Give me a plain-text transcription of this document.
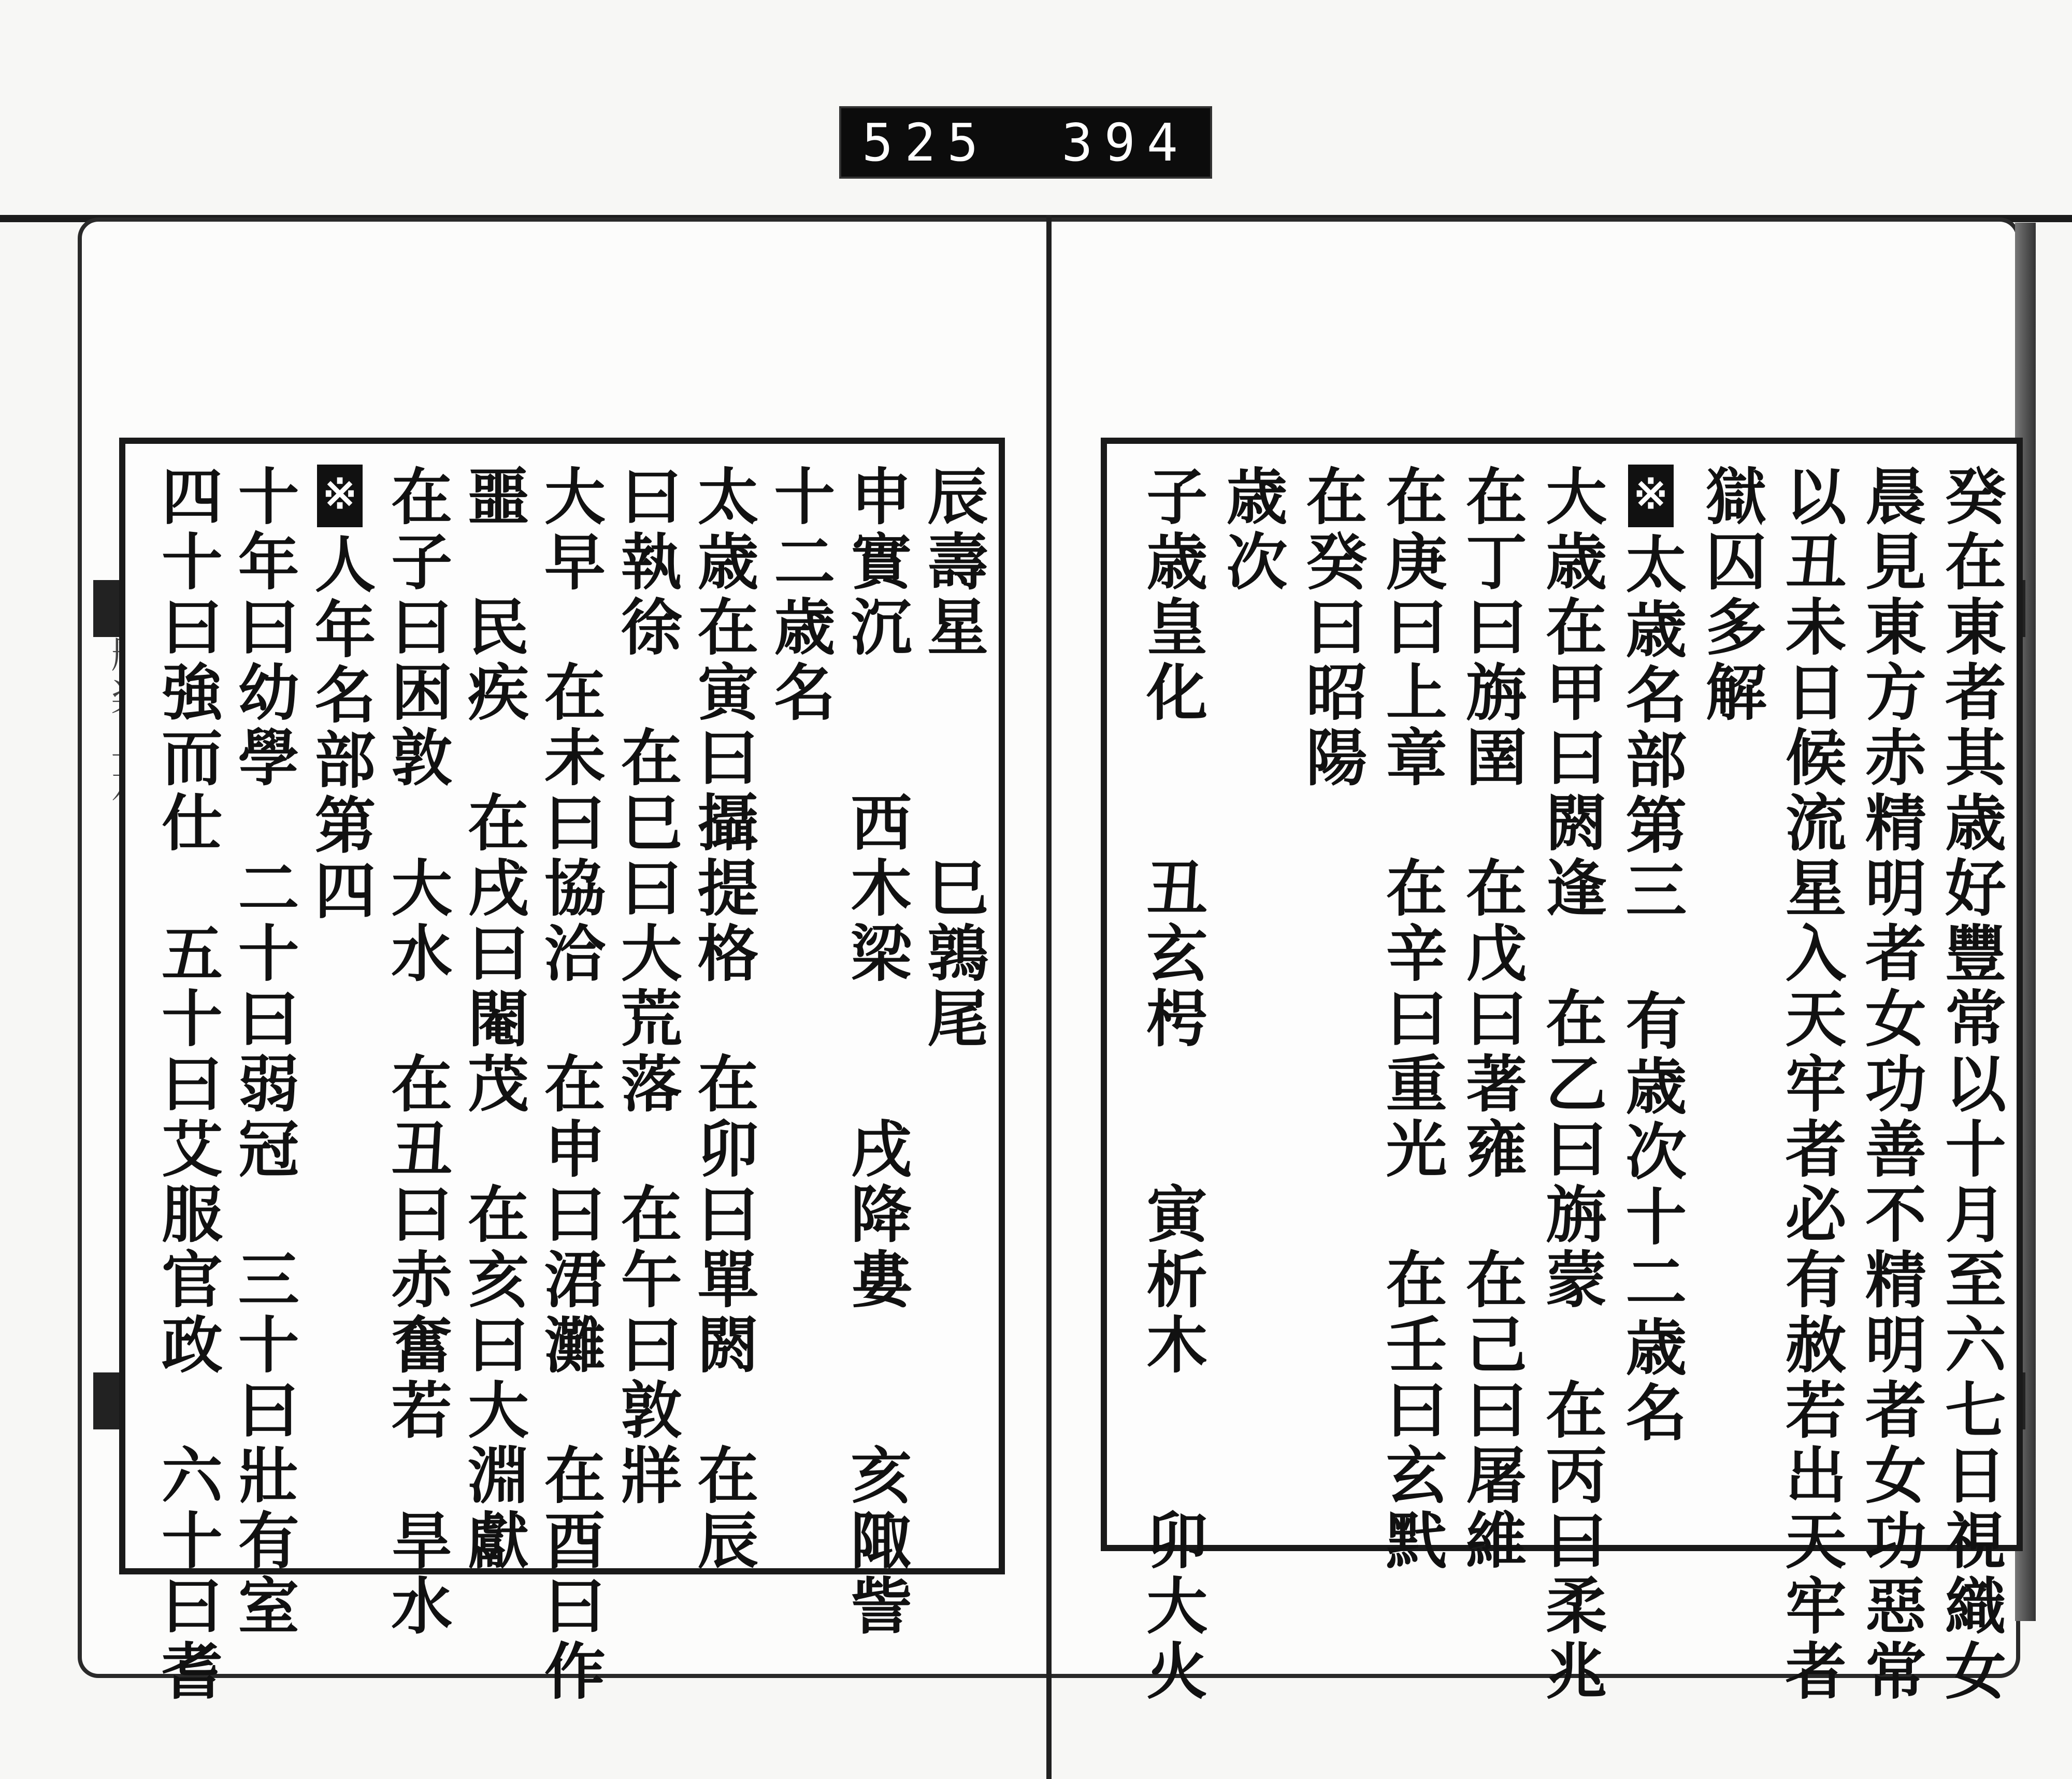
525 394
辰壽星　　　巳鶉尾
申實沉　　西木梁　　戌降婁　　亥陬訾
十二歳名
太歳在寅曰攝提格　在卯曰單閼　在辰
曰執徐　在巳曰大荒落　在午曰敦牂
大早　在未曰協洽　在申曰涒灘　在酉曰作
噩　民疾　在戌曰閹茂　在亥曰大淵獻
在子曰困敦　大水　在丑曰赤奮若　旱水
※人年名部第四
十年曰幼學　二十曰弱冠　三十曰壯有室
四十曰強而仕　五十曰艾服官政　六十曰耆	癸在東者其歳好豐常以十月至六七日視織女
晨見東方赤精明者女功善不精明者女功惡常
以丑未日候流星入天牢者必有赦若出天牢者
獄囚多解
※太歳名部第三　有歳次十二歳名
大歳在甲曰閼逢　在乙曰旃蒙　在丙曰柔兆
在丁曰旃圉　在戊曰著雍　在己曰屠維
在庚曰上章　在辛曰重光　在壬曰玄黓
在癸曰昭陽
歳次
子歳皇化　　丑玄枵　　寅析木　　卯大火
